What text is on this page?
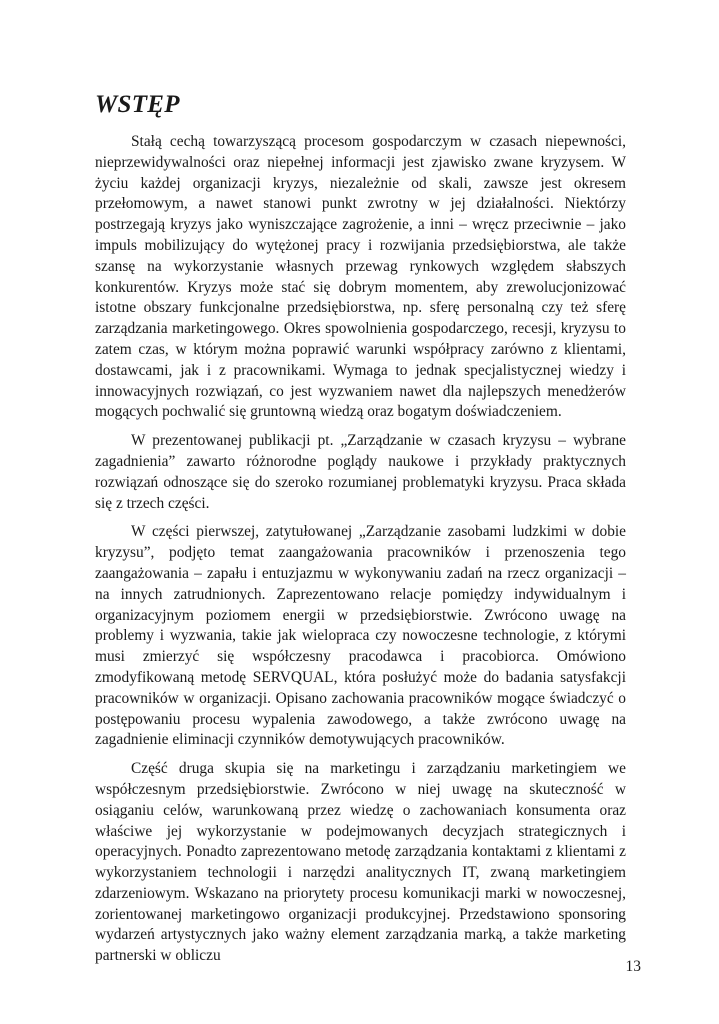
WSTĘP

Stałą cechą towarzyszącą procesom gospodarczym w czasach niepewności, nieprzewidywalności oraz niepełnej informacji jest zjawisko zwane kryzysem. W życiu każdej organizacji kryzys, niezależnie od skali, zawsze jest okresem przełomowym, a nawet stanowi punkt zwrotny w jej działalności. Niektórzy postrzegają kryzys jako wyniszczające zagrożenie, a inni – wręcz przeciwnie – jako impuls mobilizujący do wytężonej pracy i rozwijania przedsiębiorstwa, ale także szansę na wykorzystanie własnych przewag rynkowych względem słabszych konkurentów. Kryzys może stać się dobrym momentem, aby zrewolucjonizować istotne obszary funkcjonalne przedsiębiorstwa, np. sferę personalną czy też sferę zarządzania marketingowego. Okres spowolnienia gospodarczego, recesji, kryzysu to zatem czas, w którym można poprawić warunki współpracy zarówno z klientami, dostawcami, jak i z pracownikami. Wymaga to jednak specjalistycznej wiedzy i innowacyjnych rozwiązań, co jest wyzwaniem nawet dla najlepszych menedżerów mogących pochwalić się gruntowną wiedzą oraz bogatym doświadczeniem.

W prezentowanej publikacji pt. „Zarządzanie w czasach kryzysu – wybrane zagadnienia” zawarto różnorodne poglądy naukowe i przykłady praktycznych rozwiązań odnoszące się do szeroko rozumianej problematyki kryzysu. Praca składa się z trzech części.

W części pierwszej, zatytułowanej „Zarządzanie zasobami ludzkimi w dobie kryzysu”, podjęto temat zaangażowania pracowników i przenoszenia tego zaangażowania – zapału i entuzjazmu w wykonywaniu zadań na rzecz organizacji – na innych zatrudnionych. Zaprezentowano relacje pomiędzy indywidualnym i organizacyjnym poziomem energii w przedsiębiorstwie. Zwrócono uwagę na problemy i wyzwania, takie jak wielopraca czy nowoczesne technologie, z którymi musi zmierzyć się współczesny pracodawca i pracobiorca. Omówiono zmodyfikowaną metodę SERVQUAL, która posłużyć może do badania satysfakcji pracowników w organizacji. Opisano zachowania pracowników mogące świadczyć o postępowaniu procesu wypalenia zawodowego, a także zwrócono uwagę na zagadnienie eliminacji czynników demotywujących pracowników.

Część druga skupia się na marketingu i zarządzaniu marketingiem we współczesnym przedsiębiorstwie. Zwrócono w niej uwagę na skuteczność w osiąganiu celów, warunkowaną przez wiedzę o zachowaniach konsumenta oraz właściwe jej wykorzystanie w podejmowanych decyzjach strategicznych i operacyjnych. Ponadto zaprezentowano metodę zarządzania kontaktami z klientami z wykorzystaniem technologii i narzędzi analitycznych IT, zwaną marketingiem zdarzeniowym. Wskazano na priorytety procesu komunikacji marki w nowoczesnej, zorientowanej marketingowo organizacji produkcyjnej. Przedstawiono sponsoring wydarzeń artystycznych jako ważny element zarządzania marką, a także marketing partnerski w obliczu

13
